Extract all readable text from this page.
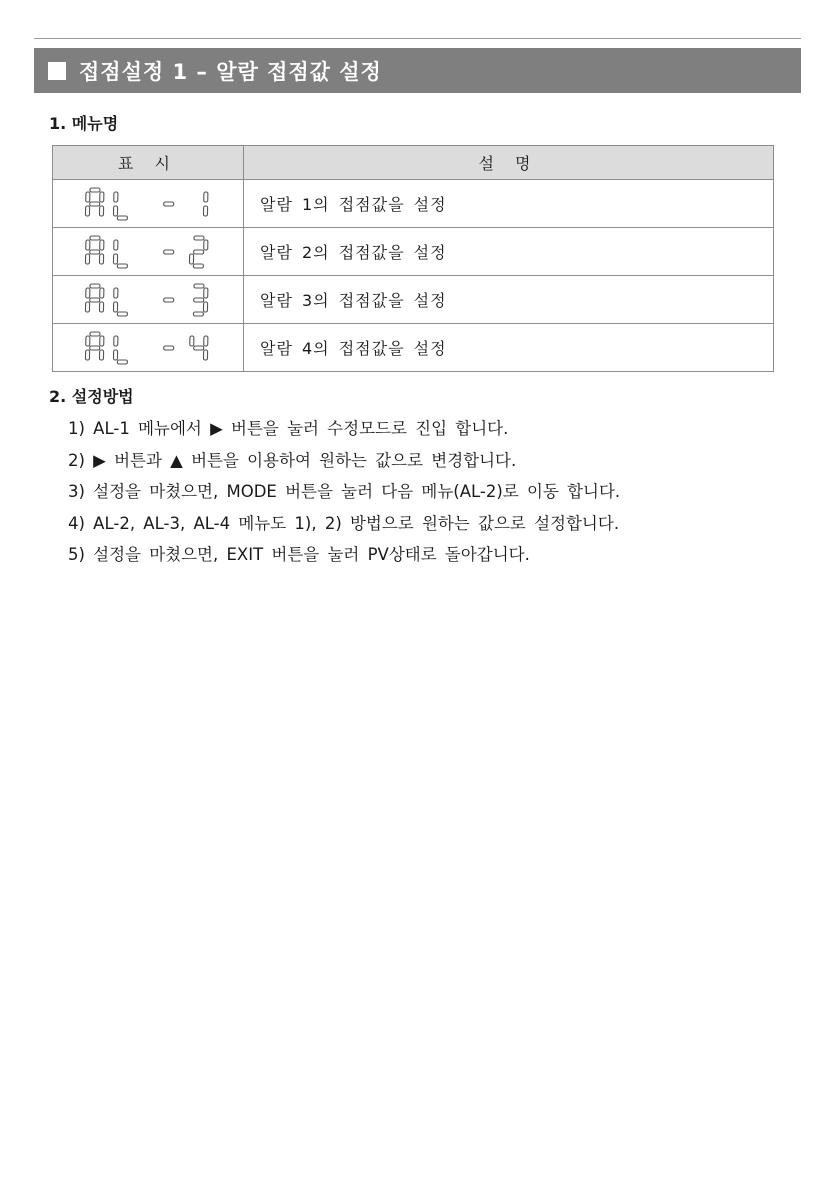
접점설정 1 – 알람 접점값 설정
1. 메뉴명
표 시	설 명
	알람 1의 접점값을 설정
	알람 2의 접점값을 설정
	알람 3의 접점값을 설정
	알람 4의 접점값을 설정
2. 설정방법
1) AL-1 메뉴에서 ▶ 버튼을 눌러 수정모드로 진입 합니다.
2) ▶ 버튼과 ▲ 버튼을 이용하여 원하는 값으로 변경합니다.
3) 설정을 마쳤으면, MODE 버튼을 눌러 다음 메뉴(AL-2)로 이동 합니다.
4) AL-2, AL-3, AL-4 메뉴도 1), 2) 방법으로 원하는 값으로 설정합니다.
5) 설정을 마쳤으면, EXIT 버튼을 눌러 PV상태로 돌아갑니다.
